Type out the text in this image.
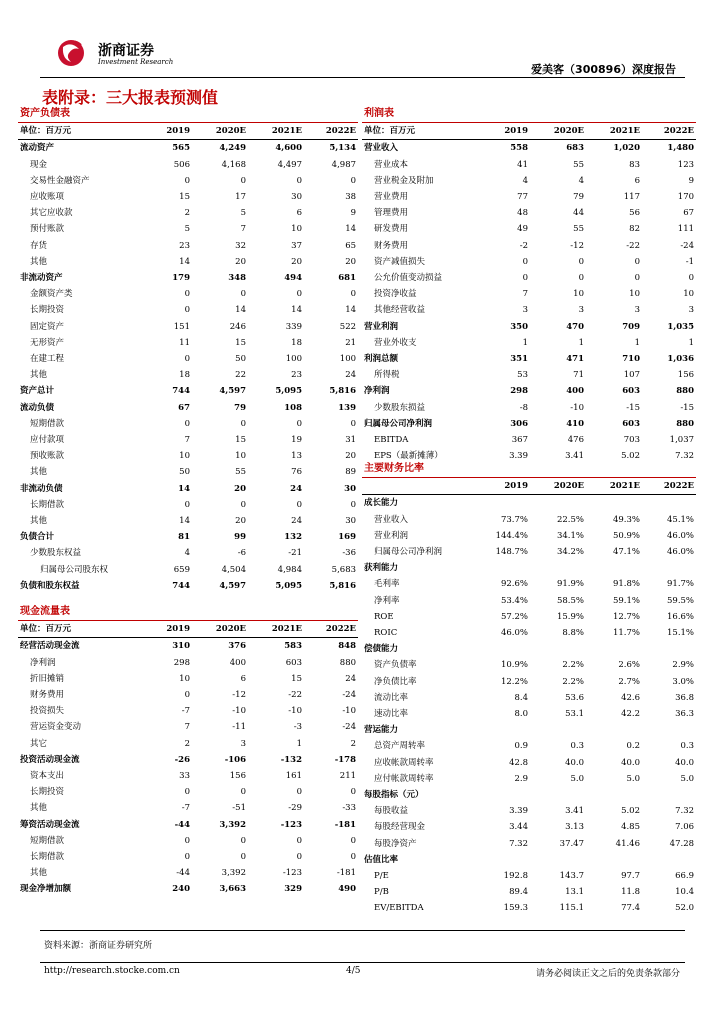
浙商证券
Investment Research
爱美客（300896）深度报告
表附录：三大报表预测值
资产负债表				
单位：百万元	2019	2020E	2021E	2022E
流动资产	565	4,249	4,600	5,134
现金	506	4,168	4,497	4,987
交易性金融资产	0	0	0	0
应收账项	15	17	30	38
其它应收款	2	5	6	9
预付账款	5	7	10	14
存货	23	32	37	65
其他	14	20	20	20
非流动资产	179	348	494	681
金额资产类	0	0	0	0
长期投资	0	14	14	14
固定资产	151	246	339	522
无形资产	11	15	18	21
在建工程	0	50	100	100
其他	18	22	23	24
资产总计	744	4,597	5,095	5,816
流动负债	67	79	108	139
短期借款	0	0	0	0
应付款项	7	15	19	31
预收账款	10	10	13	20
其他	50	55	76	89
非流动负债	14	20	24	30
长期借款	0	0	0	0
其他	14	20	24	30
负债合计	81	99	132	169
少数股东权益	4	-6	-21	-36
归属母公司股东权	659	4,504	4,984	5,683
负债和股东权益	744	4,597	5,095	5,816
现金流量表				
单位：百万元	2019	2020E	2021E	2022E
经营活动现金流	310	376	583	848
净利润	298	400	603	880
折旧摊销	10	6	15	24
财务费用	0	-12	-22	-24
投资损失	-7	-10	-10	-10
营运资金变动	7	-11	-3	-24
其它	2	3	1	2
投资活动现金流	-26	-106	-132	-178
资本支出	33	156	161	211
长期投资	0	0	0	0
其他	-7	-51	-29	-33
筹资活动现金流	-44	3,392	-123	-181
短期借款	0	0	0	0
长期借款	0	0	0	0
其他	-44	3,392	-123	-181
现金净增加额	240	3,663	329	490
利润表				
单位：百万元	2019	2020E	2021E	2022E
营业收入	558	683	1,020	1,480
营业成本	41	55	83	123
营业税金及附加	4	4	6	9
营业费用	77	79	117	170
管理费用	48	44	56	67
研发费用	49	55	82	111
财务费用	-2	-12	-22	-24
资产减值损失	0	0	0	-1
公允价值变动损益	0	0	0	0
投资净收益	7	10	10	10
其他经营收益	3	3	3	3
营业利润	350	470	709	1,035
营业外收支	1	1	1	1
利润总额	351	471	710	1,036
所得税	53	71	107	156
净利润	298	400	603	880
少数股东损益	-8	-10	-15	-15
归属母公司净利润	306	410	603	880
EBITDA	367	476	703	1,037
EPS（最新摊薄）	3.39	3.41	5.02	7.32
主要财务比率				
	2019	2020E	2021E	2022E
成长能力				
营业收入	73.7%	22.5%	49.3%	45.1%
营业利润	144.4%	34.1%	50.9%	46.0%
归属母公司净利润	148.7%	34.2%	47.1%	46.0%
获利能力				
毛利率	92.6%	91.9%	91.8%	91.7%
净利率	53.4%	58.5%	59.1%	59.5%
ROE	57.2%	15.9%	12.7%	16.6%
ROIC	46.0%	8.8%	11.7%	15.1%
偿债能力				
资产负债率	10.9%	2.2%	2.6%	2.9%
净负债比率	12.2%	2.2%	2.7%	3.0%
流动比率	8.4	53.6	42.6	36.8
速动比率	8.0	53.1	42.2	36.3
营运能力				
总资产周转率	0.9	0.3	0.2	0.3
应收帐款周转率	42.8	40.0	40.0	40.0
应付帐款周转率	2.9	5.0	5.0	5.0
每股指标（元）				
每股收益	3.39	3.41	5.02	7.32
每股经营现金	3.44	3.13	4.85	7.06
每股净资产	7.32	37.47	41.46	47.28
估值比率				
P/E	192.8	143.7	97.7	66.9
P/B	89.4	13.1	11.8	10.4
EV/EBITDA	159.3	115.1	77.4	52.0
资料来源：浙商证券研究所
http://research.stocke.com.cn	4/5	请务必阅读正文之后的免责条款部分
